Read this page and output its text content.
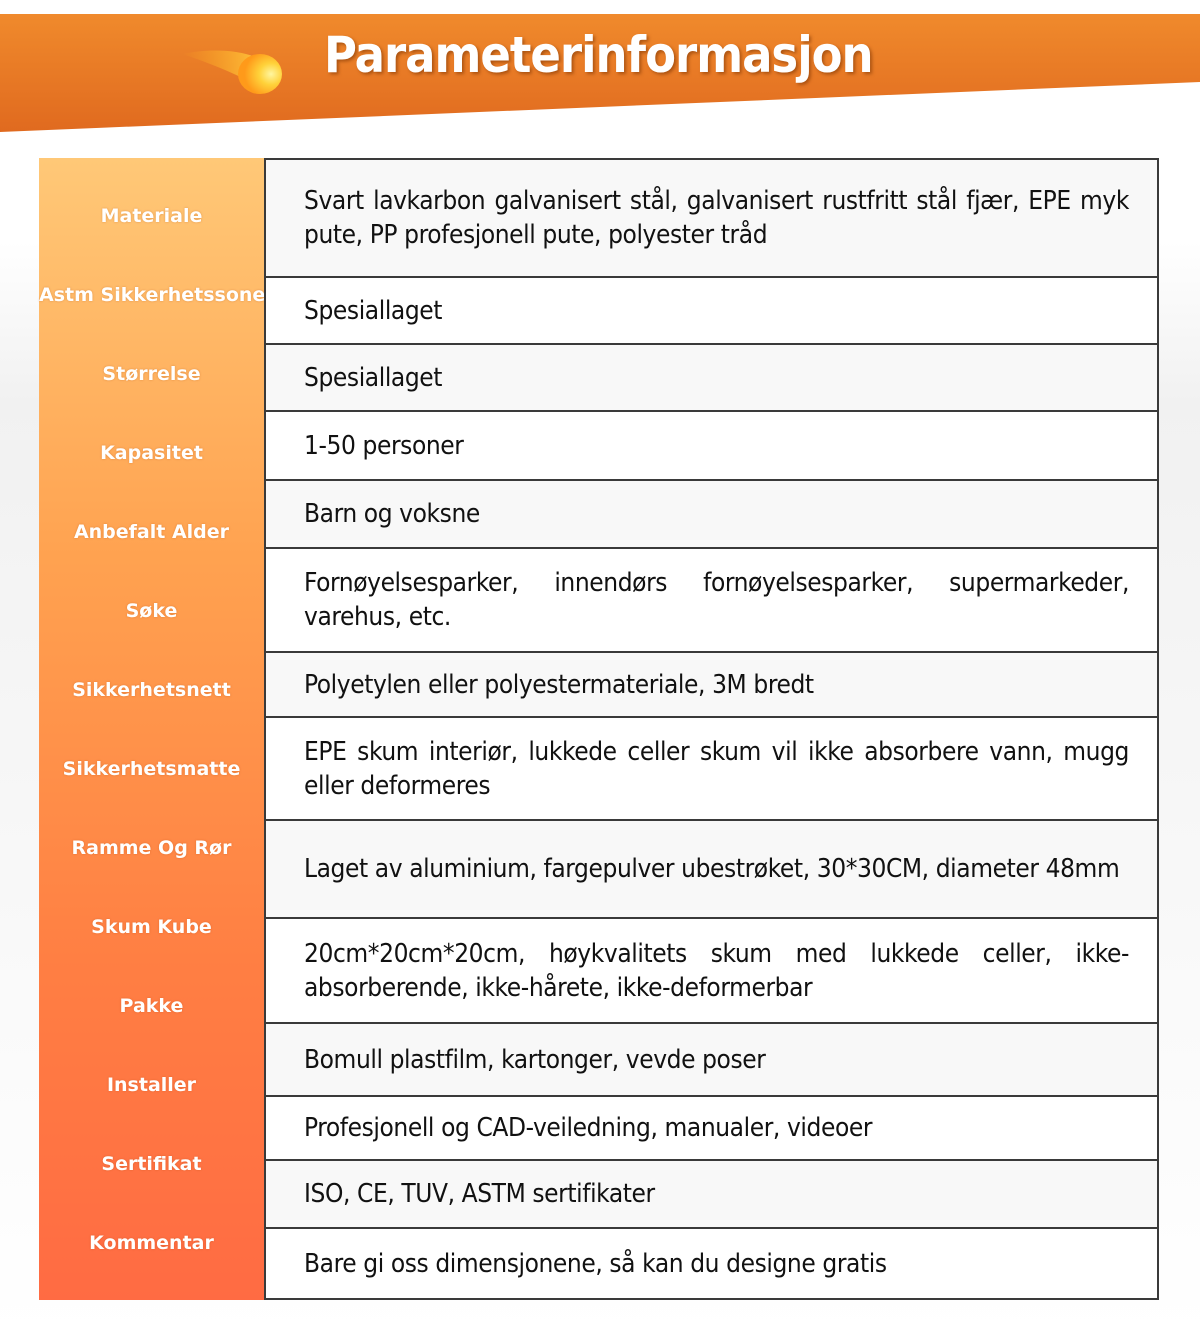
Parameterinformasjon
Materiale
Astm Sikkerhetssone
Størrelse
Kapasitet
Anbefalt Alder
Søke
Sikkerhetsnett
Sikkerhetsmatte
Ramme Og Rør
Skum Kube
Pakke
Installer
Sertifikat
Kommentar
Svart lavkarbon galvanisert stål, galvanisert rustfritt stål fjær, EPE myk pute, PP profesjonell pute, polyester tråd
Spesiallaget
Spesiallaget
1-50 personer
Barn og voksne
Fornøyelsesparker, innendørs fornøyelsesparker, supermarkeder, varehus, etc.
Polyetylen eller polyestermateriale, 3M bredt
EPE skum interiør, lukkede celler skum vil ikke absorbere vann, mugg eller deformeres
Laget av aluminium, fargepulver ubestrøket, 30*30CM, diameter 48mm
20cm*20cm*20cm, høykvalitets skum med lukkede celler, ikke-absorberende, ikke-hårete, ikke-deformerbar
Bomull plastfilm, kartonger, vevde poser
Profesjonell og CAD-veiledning, manualer, videoer
ISO, CE, TUV, ASTM sertifikater
Bare gi oss dimensjonene, så kan du designe gratis
